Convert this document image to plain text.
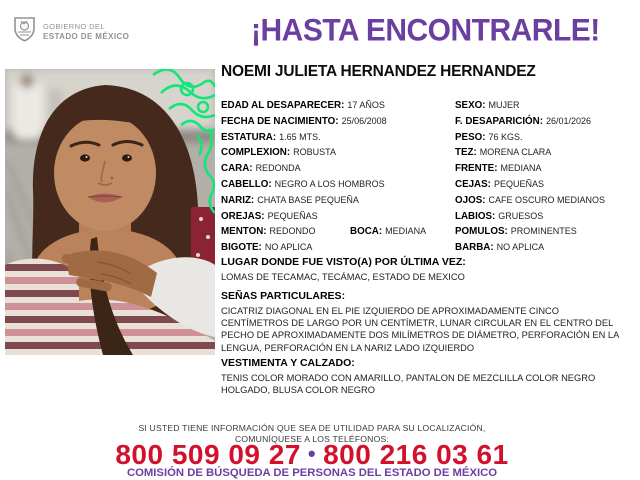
GOBIERNO DEL
ESTADO DE MÉXICO	¡HASTA ENCONTRARLE!
NOEMI JULIETA HERNANDEZ HERNANDEZ
EDAD AL DESAPARECER: 17 AÑOS
FECHA DE NACIMIENTO: 25/06/2008
ESTATURA: 1.65 MTS.
COMPLEXION: ROBUSTA
CARA: REDONDA
CABELLO: NEGRO A LOS HOMBROS
NARIZ: CHATA BASE PEQUEÑA
OREJAS: PEQUEÑAS
MENTON: REDONDO	BOCA: MEDIANA
BIGOTE: NO APLICA
SEXO: MUJER
F. DESAPARICIÓN: 26/01/2026
PESO: 76 KGS.
TEZ: MORENA CLARA
FRENTE: MEDIANA
CEJAS: PEQUEÑAS
OJOS: CAFE OSCURO MEDIANOS
LABIOS: GRUESOS
POMULOS: PROMINENTES
BARBA: NO APLICA
LUGAR DONDE FUE VISTO(A) POR ÚLTIMA VEZ:
LOMAS DE TECAMAC, TECÁMAC, ESTADO DE MEXICO
SEÑAS PARTICULARES:
CICATRIZ DIAGONAL EN EL PIE IZQUIERDO DE APROXIMADAMENTE CINCO
CENTÍMETROS DE LARGO POR UN CENTÍMETR, LUNAR CIRCULAR EN EL CENTRO DEL
PECHO DE APROXIMADAMENTE DOS MILÍMETROS DE DIÁMETRO, PERFORACIÓN EN LA
LENGUA, PERFORACIÓN EN LA NARIZ LADO IZQUIERDO
VESTIMENTA Y CALZADO:
TENIS COLOR MORADO CON AMARILLO, PANTALON DE MEZCLILLA COLOR NEGRO
HOLGADO, BLUSA COLOR NEGRO
SI USTED TIENE INFORMACIÓN QUE SEA DE UTILIDAD PARA SU LOCALIZACIÓN,
COMUNÍQUESE A LOS TELÉFONOS:
800 509 09 27 • 800 216 03 61
COMISIÓN DE BÚSQUEDA DE PERSONAS DEL ESTADO DE MÉXICO
